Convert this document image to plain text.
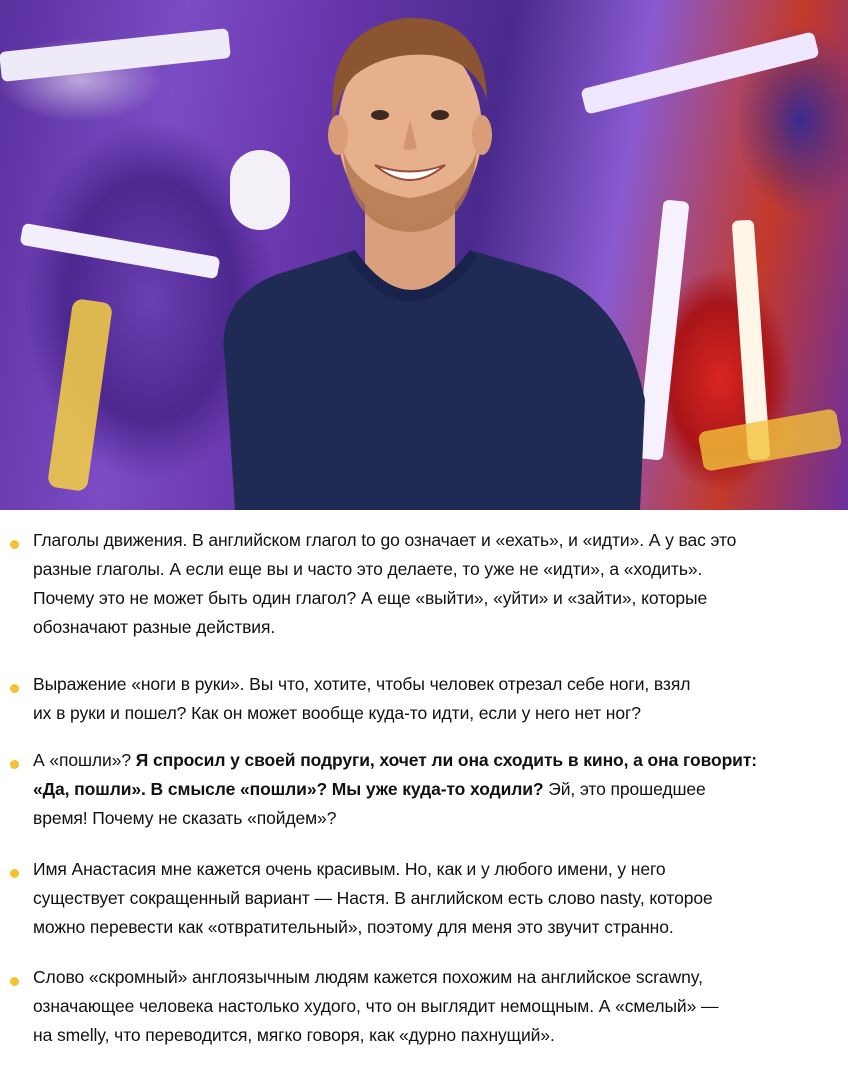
Глаголы движения. В английском глагол to go означает и «ехать», и «идти». А у вас это
разные глаголы. А если еще вы и часто это делаете, то уже не «идти», а «ходить».
Почему это не может быть один глагол? А еще «выйти», «уйти» и «зайти», которые
обозначают разные действия.
Выражение «ноги в руки». Вы что, хотите, чтобы человек отрезал себе ноги, взял
их в руки и пошел? Как он может вообще куда-то идти, если у него нет ног?
А «пошли»? Я спросил у своей подруги, хочет ли она сходить в кино, а она говорит:
«Да, пошли». В смысле «пошли»? Мы уже куда-то ходили? Эй, это прошедшее
время! Почему не сказать «пойдем»?
Имя Анастасия мне кажется очень красивым. Но, как и у любого имени, у него
существует сокращенный вариант — Настя. В английском есть слово nasty, которое
можно перевести как «отвратительный», поэтому для меня это звучит странно.
Слово «скромный» англоязычным людям кажется похожим на английское scrawny,
означающее человека настолько худого, что он выглядит немощным. А «смелый» —
на smelly, что переводится, мягко говоря, как «дурно пахнущий».
